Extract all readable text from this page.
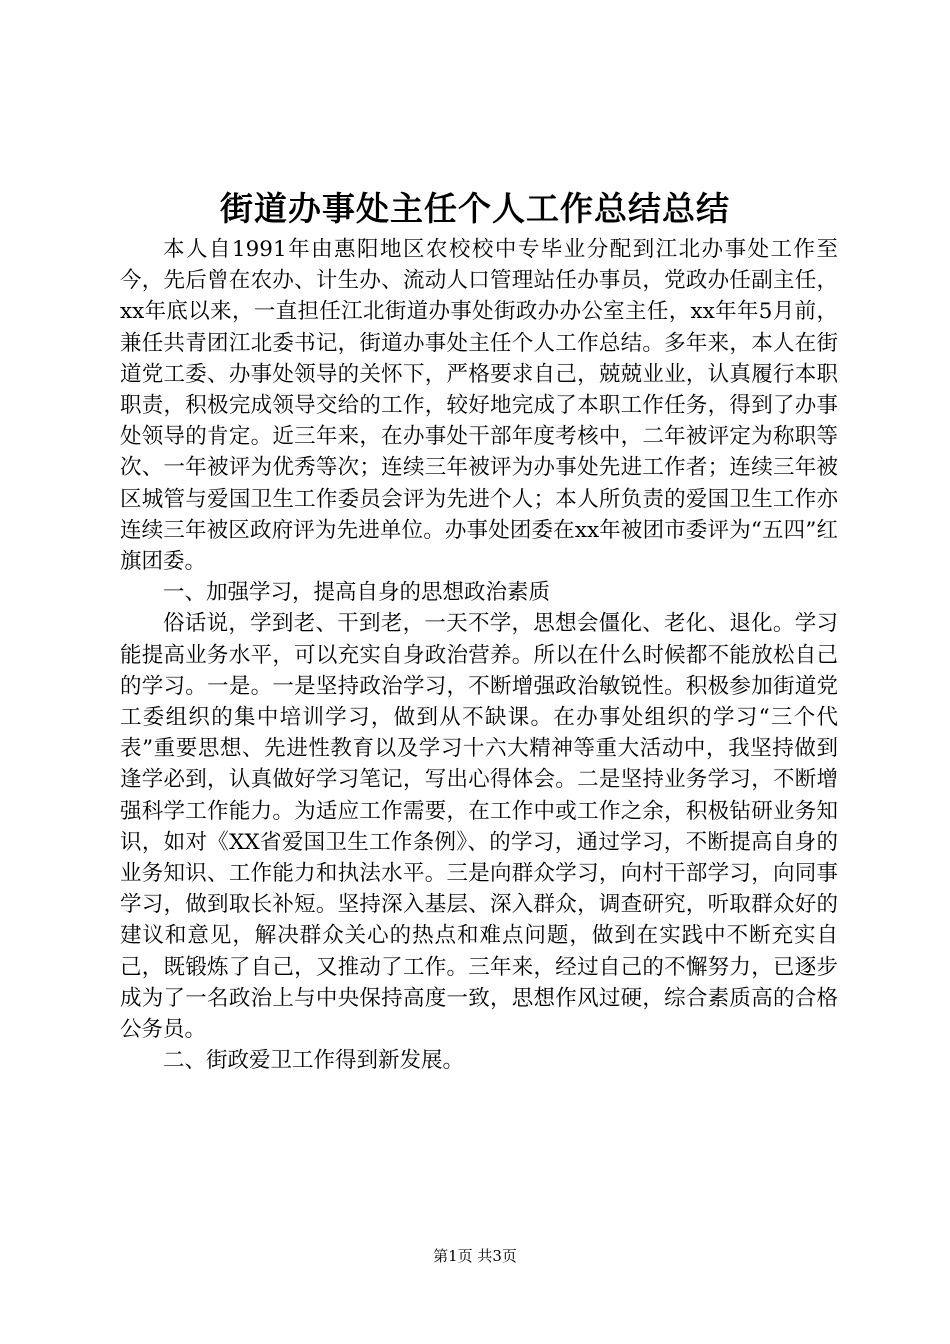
街道办事处主任个人工作总结总结

本人自1991年由惠阳地区农校校中专毕业分配到江北办事处工作至今，先后曾在农办、计生办、流动人口管理站任办事员，党政办任副主任，xx年底以来，一直担任江北街道办事处街政办办公室主任，xx年年5月前，兼任共青团江北委书记，街道办事处主任个人工作总结。多年来，本人在街道党工委、办事处领导的关怀下，严格要求自己，兢兢业业，认真履行本职职责，积极完成领导交给的工作，较好地完成了本职工作任务，得到了办事处领导的肯定。近三年来，在办事处干部年度考核中，二年被评定为称职等次、一年被评为优秀等次；连续三年被评为办事处先进工作者；连续三年被区城管与爱国卫生工作委员会评为先进个人；本人所负责的爱国卫生工作亦连续三年被区政府评为先进单位。办事处团委在xx年被团市委评为“五四”红旗团委。

一、加强学习，提高自身的思想政治素质

俗话说，学到老、干到老，一天不学，思想会僵化、老化、退化。学习能提高业务水平，可以充实自身政治营养。所以在什么时候都不能放松自己的学习。一是。一是坚持政治学习，不断增强政治敏锐性。积极参加街道党工委组织的集中培训学习，做到从不缺课。在办事处组织的学习“三个代表”重要思想、先进性教育以及学习十六大精神等重大活动中，我坚持做到逢学必到，认真做好学习笔记，写出心得体会。二是坚持业务学习，不断增强科学工作能力。为适应工作需要，在工作中或工作之余，积极钻研业务知识，如对《XX省爱国卫生工作条例》、的学习，通过学习，不断提高自身的业务知识、工作能力和执法水平。三是向群众学习，向村干部学习，向同事学习，做到取长补短。坚持深入基层、深入群众，调查研究，听取群众好的建议和意见，解决群众关心的热点和难点问题，做到在实践中不断充实自己，既锻炼了自己，又推动了工作。三年来，经过自己的不懈努力，已逐步成为了一名政治上与中央保持高度一致，思想作风过硬，综合素质高的合格公务员。

二、街政爱卫工作得到新发展。

第1页 共3页
